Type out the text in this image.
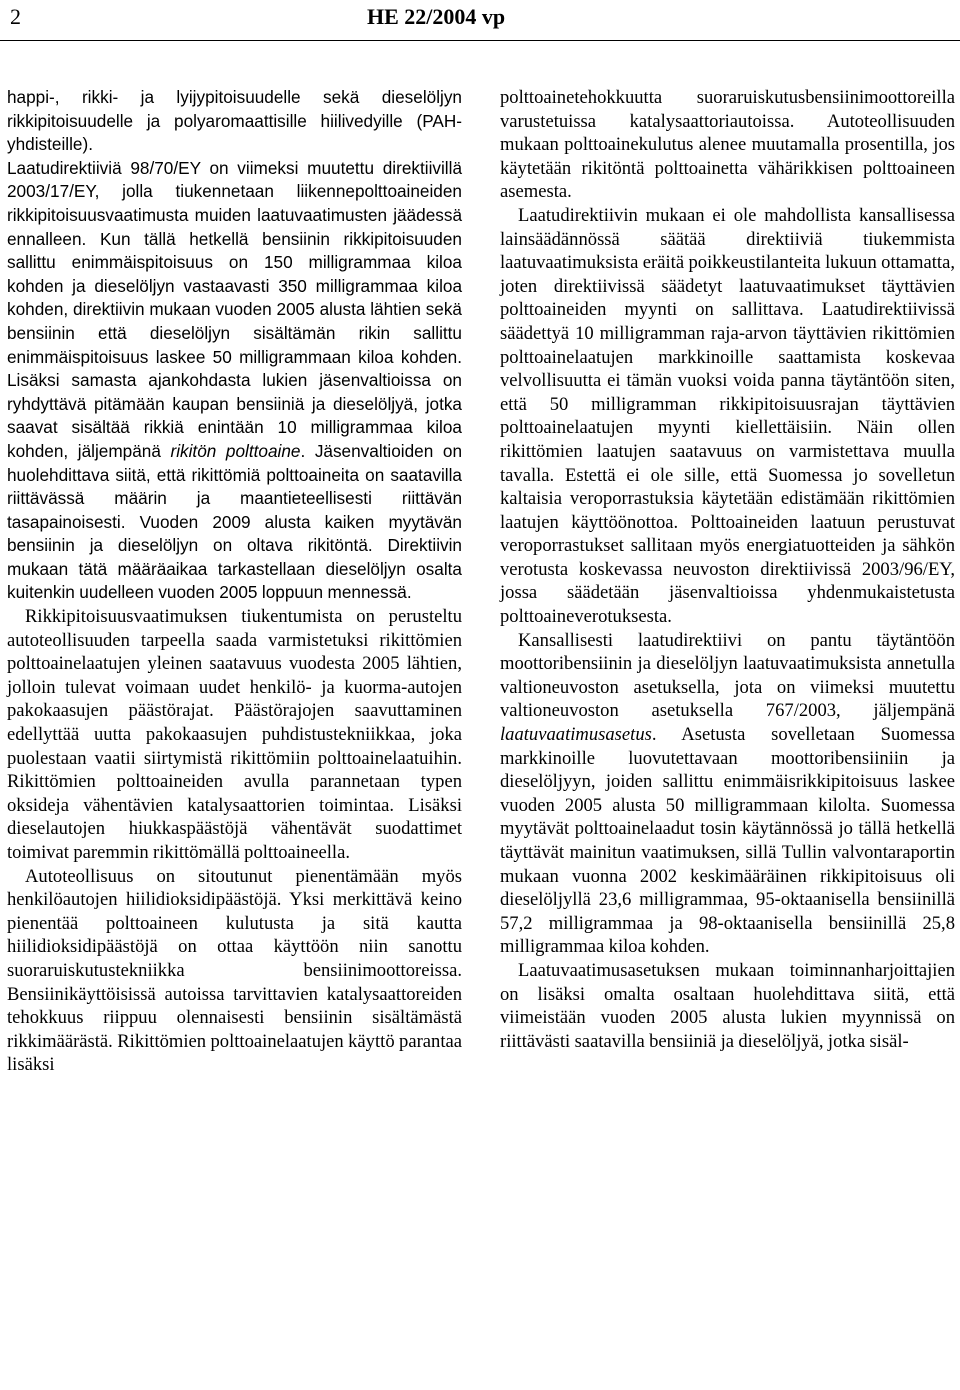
2	HE 22/2004 vp

happi-, rikki- ja lyijypitoisuudelle sekä dieselöljyn rikkipitoisuudelle ja polyaromaattisille hiilivedyille (PAH-yhdisteille).

Laatudirektiiviä 98/70/EY on viimeksi muutettu direktiivillä 2003/17/EY, jolla tiukennetaan liikennepolttoaineiden rikkipitoisuusvaatimusta muiden laatuvaatimusten jäädessä ennalleen. Kun tällä hetkellä bensiinin rikkipitoisuuden sallittu enimmäispitoisuus on 150 milligrammaa kiloa kohden ja dieselöljyn vastaavasti 350 milligrammaa kiloa kohden, direktiivin mukaan vuoden 2005 alusta lähtien sekä bensiinin että dieselöljyn sisältämän rikin sallittu enimmäispitoisuus laskee 50 milligrammaan kiloa kohden. Lisäksi samasta ajankohdasta lukien jäsenvaltioissa on ryhdyttävä pitämään kaupan bensiiniä ja dieselöljyä, jotka saavat sisältää rikkiä enintään 10 milligrammaa kiloa kohden, jäljempänä rikitön polttoaine. Jäsenvaltioiden on huolehdittava siitä, että rikittömiä polttoaineita on saatavilla riittävässä määrin ja maantieteellisesti riittävän tasapainoisesti. Vuoden 2009 alusta kaiken myytävän bensiinin ja dieselöljyn on oltava rikitöntä. Direktiivin mukaan tätä määräaikaa tarkastellaan dieselöljyn osalta kuitenkin uudelleen vuoden 2005 loppuun mennessä.

Rikkipitoisuusvaatimuksen tiukentumista on perusteltu autoteollisuuden tarpeella saada varmistetuksi rikittömien polttoainelaatujen yleinen saatavuus vuodesta 2005 lähtien, jolloin tulevat voimaan uudet henkilö- ja kuorma-autojen pakokaasujen päästörajat. Päästörajojen saavuttaminen edellyttää uutta pakokaasujen puhdistustekniikkaa, joka puolestaan vaatii siirtymistä rikittömiin polttoainelaatuihin. Rikittömien polttoaineiden avulla parannetaan typen oksideja vähentävien katalysaattorien toimintaa. Lisäksi dieselautojen hiukkaspäästöjä vähentävät suodattimet toimivat paremmin rikittömällä polttoaineella.

Autoteollisuus on sitoutunut pienentämään myös henkilöautojen hiilidioksidipäästöjä. Yksi merkittävä keino pienentää polttoaineen kulutusta ja sitä kautta hiilidioksidipäästöjä on ottaa käyttöön niin sanottu suoraruiskutustekniikka bensiinimoottoreissa. Bensiinikäyttöisissä autoissa tarvittavien katalysaattoreiden tehokkuus riippuu olennaisesti bensiinin sisältämästä rikkimäärästä. Rikittömien polttoainelaatujen käyttö parantaa lisäksi

polttoainetehokkuutta suoraruiskutusbensiinimoottoreilla varustetuissa katalysaattoriautoissa. Autoteollisuuden mukaan polttoainekulutus alenee muutamalla prosentilla, jos käytetään rikitöntä polttoainetta vähärikkisen polttoaineen asemesta.

Laatudirektiivin mukaan ei ole mahdollista kansallisessa lainsäädännössä säätää direktiiviä tiukemmista laatuvaatimuksista eräitä poikkeustilanteita lukuun ottamatta, joten direktiivissä säädetyt laatuvaatimukset täyttävien polttoaineiden myynti on sallittava. Laatudirektiivissä säädettyä 10 milligramman raja-arvon täyttävien rikittömien polttoainelaatujen markkinoille saattamista koskevaa velvollisuutta ei tämän vuoksi voida panna täytäntöön siten, että 50 milligramman rikkipitoisuusrajan täyttävien polttoainelaatujen myynti kiellettäisiin. Näin ollen rikittömien laatujen saatavuus on varmistettava muulla tavalla. Estettä ei ole sille, että Suomessa jo sovelletun kaltaisia veroporrastuksia käytetään edistämään rikittömien laatujen käyttöönottoa. Polttoaineiden laatuun perustuvat veroporrastukset sallitaan myös energiatuotteiden ja sähkön verotusta koskevassa neuvoston direktiivissä 2003/96/EY, jossa säädetään jäsenvaltioissa yhdenmukaistetusta polttoaineverotuksesta.

Kansallisesti laatudirektiivi on pantu täytäntöön moottoribensiinin ja dieselöljyn laatuvaatimuksista annetulla valtioneuvoston asetuksella, jota on viimeksi muutettu valtioneuvoston asetuksella 767/2003, jäljempänä laatuvaatimusasetus. Asetusta sovelletaan Suomessa markkinoille luovutettavaan moottoribensiiniin ja dieselöljyyn, joiden sallittu enimmäisrikkipitoisuus laskee vuoden 2005 alusta 50 milligrammaan kilolta. Suomessa myytävät polttoainelaadut tosin käytännössä jo tällä hetkellä täyttävät mainitun vaatimuksen, sillä Tullin valvontaraportin mukaan vuonna 2002 keskimääräinen rikkipitoisuus oli dieselöljyllä 23,6 milligrammaa, 95-oktaanisella bensiinillä 57,2 milligrammaa ja 98-oktaanisella bensiinillä 25,8 milligrammaa kiloa kohden.

Laatuvaatimusasetuksen mukaan toiminnanharjoittajien on lisäksi omalta osaltaan huolehdittava siitä, että viimeistään vuoden 2005 alusta lukien myynnissä on riittävästi saatavilla bensiiniä ja dieselöljyä, jotka sisäl-
